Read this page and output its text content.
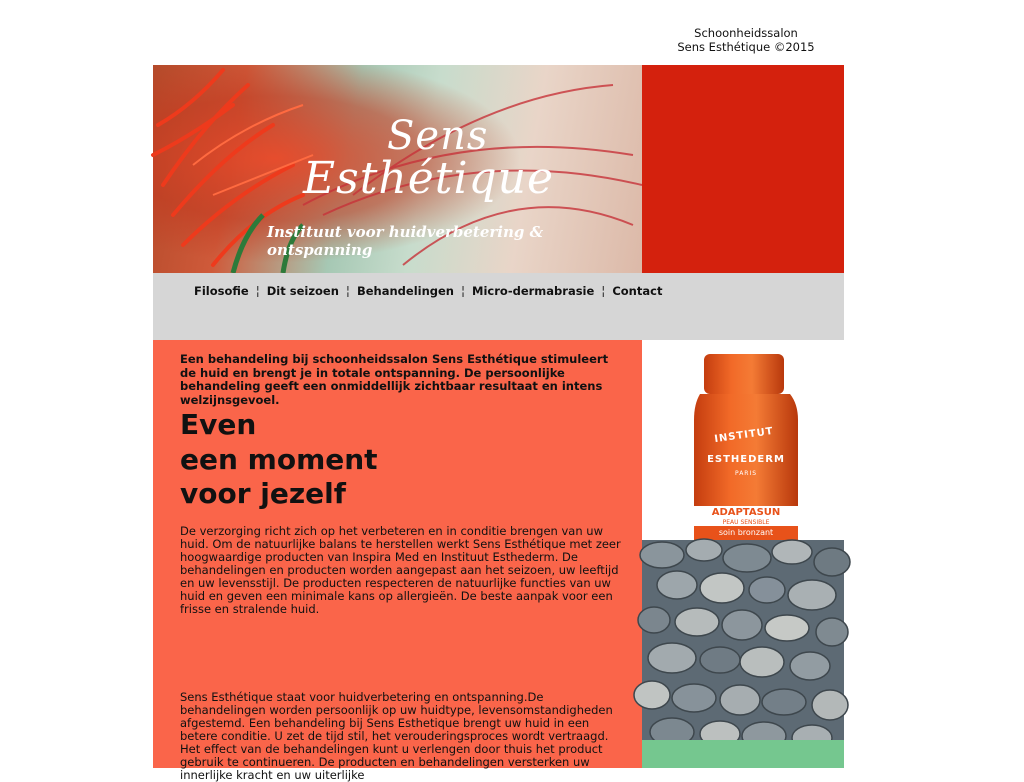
Schoonheidssalon
Sens Esthétique ©2015
Sens
Esthétique
Instituut voor huidverbetering & ontspanning
Filosofie ¦ Dit seizoen ¦ Behandelingen ¦ Micro-dermabrasie ¦ Contact

Een behandeling bij schoonheidssalon Sens Esthétique stimuleert de huid en brengt je in totale ontspanning. De persoonlijke behandeling geeft een onmiddellijk zichtbaar resultaat en intens welzijnsgevoel.

Even
een moment
voor jezelf

De verzorging richt zich op het verbeteren en in conditie brengen van uw huid. Om de natuurlijke balans te herstellen werkt Sens Esthétique met zeer hoogwaardige producten van Inspira Med en Instituut Esthederm. De behandelingen en producten worden aangepast aan het seizoen, uw leeftijd en uw levensstijl. De producten respecteren de natuurlijke functies van uw huid en geven een minimale kans op allergieën. De beste aanpak voor een frisse en stralende huid.

Sens Esthétique staat voor huidverbetering en ontspanning.De behandelingen worden persoonlijk op uw huidtype, levensomstandigheden afgestemd. Een behandeling bij Sens Esthetique brengt uw huid in een betere conditie. U zet de tijd stil, het verouderingsproces wordt vertraagd. Het effect van de behandelingen kunt u verlengen door thuis het product gebruik te continueren. De producten en behandelingen versterken uw innerlijke kracht en uw uiterlijke

INSTITUT
ESTHEDERM
PARIS
ADAPTASUN
PEAU SENSIBLE
soin bronzant
